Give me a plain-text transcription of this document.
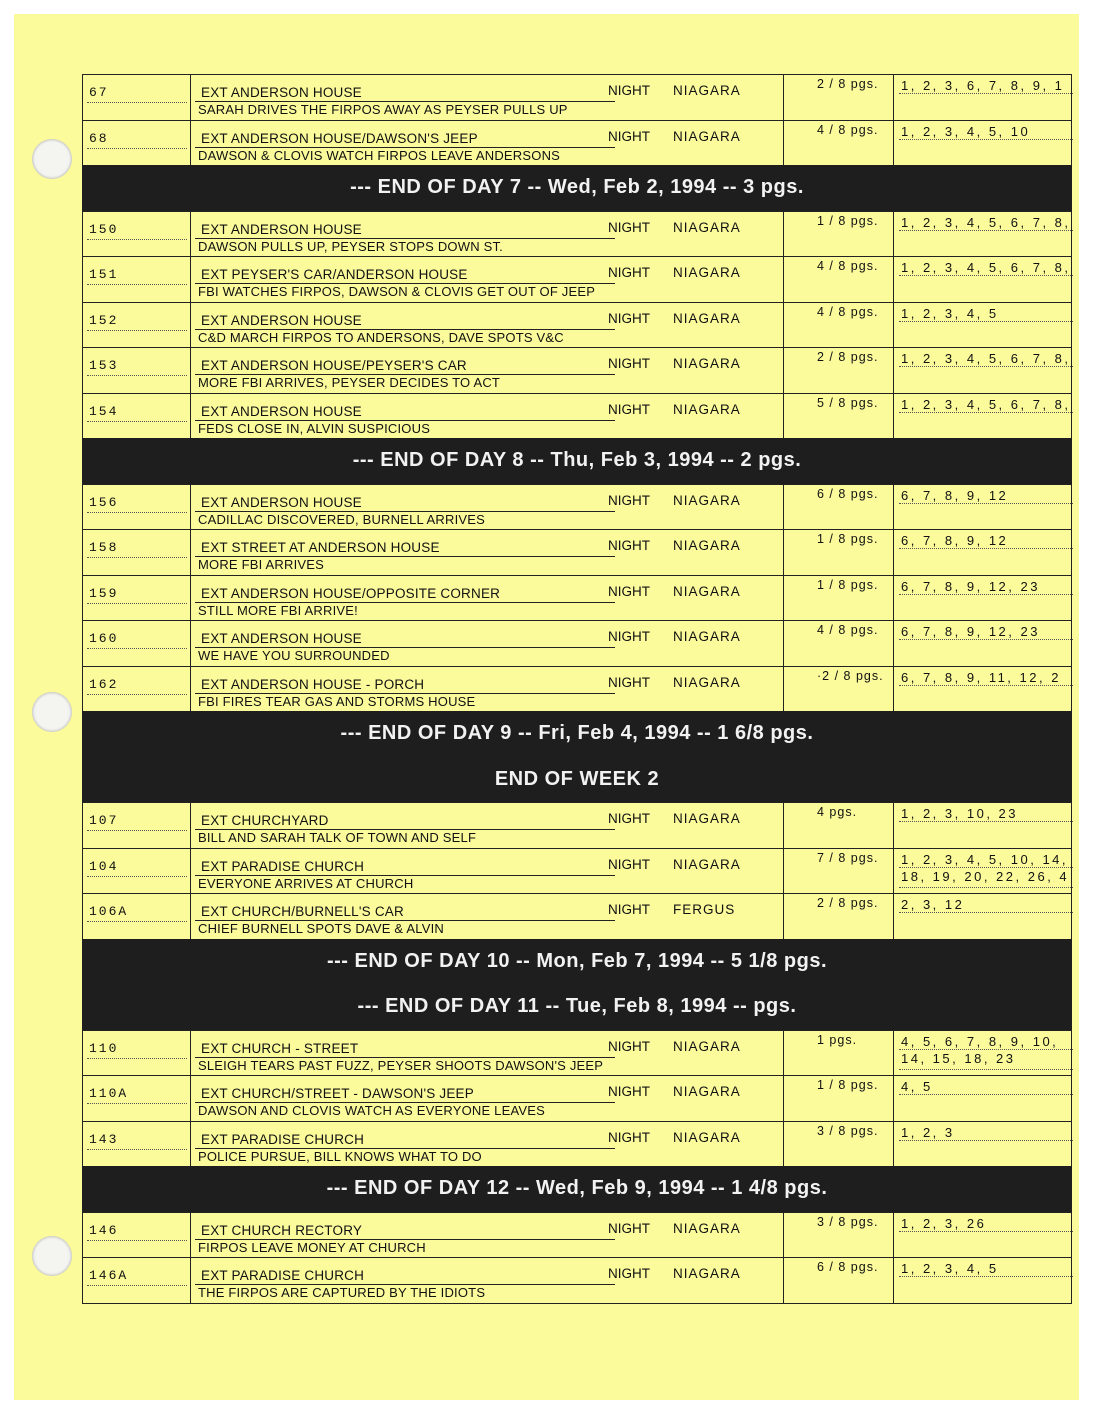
67	EXT ANDERSON HOUSE
SARAH DRIVES THE FIRPOS AWAY AS PEYSER PULLS UP
NIGHT NIAGARA	2 / 8 pgs. 1, 2, 3, 6, 7, 8, 9, 1
68	EXT ANDERSON HOUSE/DAWSON'S JEEP
DAWSON & CLOVIS WATCH FIRPOS LEAVE ANDERSONS
NIGHT NIAGARA	4 / 8 pgs. 1, 2, 3, 4, 5, 10
--- END OF DAY 7 -- Wed, Feb 2, 1994 -- 3 pgs.
150	EXT ANDERSON HOUSE
DAWSON PULLS UP, PEYSER STOPS DOWN ST.
NIGHT NIAGARA	1 / 8 pgs. 1, 2, 3, 4, 5, 6, 7, 8,
151	EXT PEYSER'S CAR/ANDERSON HOUSE
FBI WATCHES FIRPOS, DAWSON & CLOVIS GET OUT OF JEEP
NIGHT NIAGARA	4 / 8 pgs. 1, 2, 3, 4, 5, 6, 7, 8,
152	EXT ANDERSON HOUSE
C&D MARCH FIRPOS TO ANDERSONS, DAVE SPOTS V&C
NIGHT NIAGARA	4 / 8 pgs. 1, 2, 3, 4, 5
153	EXT ANDERSON HOUSE/PEYSER'S CAR
MORE FBI ARRIVES, PEYSER DECIDES TO ACT
NIGHT NIAGARA	2 / 8 pgs. 1, 2, 3, 4, 5, 6, 7, 8,
154	EXT ANDERSON HOUSE
FEDS CLOSE IN, ALVIN SUSPICIOUS
NIGHT NIAGARA	5 / 8 pgs. 1, 2, 3, 4, 5, 6, 7, 8,
--- END OF DAY 8 -- Thu, Feb 3, 1994 -- 2 pgs.
156	EXT ANDERSON HOUSE
CADILLAC DISCOVERED, BURNELL ARRIVES
NIGHT NIAGARA	6 / 8 pgs. 6, 7, 8, 9, 12
158	EXT STREET AT ANDERSON HOUSE
MORE FBI ARRIVES
NIGHT NIAGARA	1 / 8 pgs. 6, 7, 8, 9, 12
159	EXT ANDERSON HOUSE/OPPOSITE CORNER
STILL MORE FBI ARRIVE!
NIGHT NIAGARA	1 / 8 pgs. 6, 7, 8, 9, 12, 23
160	EXT ANDERSON HOUSE
WE HAVE YOU SURROUNDED
NIGHT NIAGARA	4 / 8 pgs. 6, 7, 8, 9, 12, 23
162	EXT ANDERSON HOUSE - PORCH
FBI FIRES TEAR GAS AND STORMS HOUSE
NIGHT NIAGARA	·2 / 8 pgs. 6, 7, 8, 9, 11, 12, 2
--- END OF DAY 9 -- Fri, Feb 4, 1994 -- 1 6/8 pgs.
END OF WEEK 2
107	EXT CHURCHYARD
BILL AND SARAH TALK OF TOWN AND SELF
NIGHT NIAGARA	4 pgs.	1, 2, 3, 10, 23
104	EXT PARADISE CHURCH
EVERYONE ARRIVES AT CHURCH
NIGHT NIAGARA	7 / 8 pgs. 1, 2, 3, 4, 5, 10, 14,
18, 19, 20, 22, 26, 4
106A	EXT CHURCH/BURNELL'S CAR
CHIEF BURNELL SPOTS DAVE & ALVIN
NIGHT FERGUS	2 / 8 pgs. 2, 3, 12
--- END OF DAY 10 -- Mon, Feb 7, 1994 -- 5 1/8 pgs.
--- END OF DAY 11 -- Tue, Feb 8, 1994 -- pgs.
110	EXT CHURCH - STREET
SLEIGH TEARS PAST FUZZ, PEYSER SHOOTS DAWSON'S JEEP
NIGHT NIAGARA	1 pgs.	4, 5, 6, 7, 8, 9, 10,
14, 15, 18, 23
110A	EXT CHURCH/STREET - DAWSON'S JEEP
DAWSON AND CLOVIS WATCH AS EVERYONE LEAVES
NIGHT NIAGARA	1 / 8 pgs. 4, 5
143	EXT PARADISE CHURCH
POLICE PURSUE, BILL KNOWS WHAT TO DO
NIGHT NIAGARA	3 / 8 pgs. 1, 2, 3
--- END OF DAY 12 -- Wed, Feb 9, 1994 -- 1 4/8 pgs.
146	EXT CHURCH RECTORY
FIRPOS LEAVE MONEY AT CHURCH
NIGHT NIAGARA	3 / 8 pgs. 1, 2, 3, 26
146A	EXT PARADISE CHURCH
THE FIRPOS ARE CAPTURED BY THE IDIOTS
NIGHT NIAGARA	6 / 8 pgs. 1, 2, 3, 4, 5
